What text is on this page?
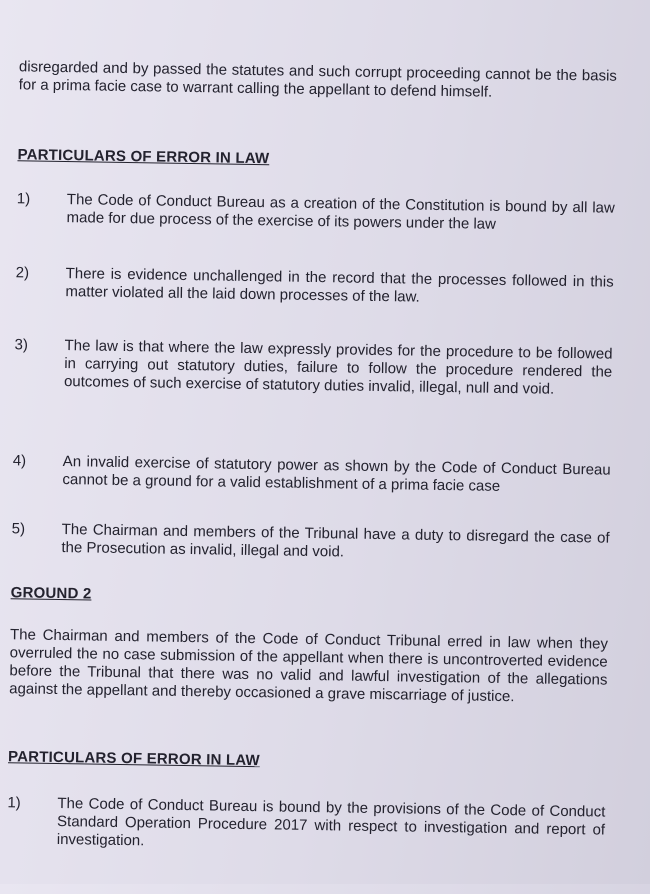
disregarded and by passed the statutes and such corrupt proceeding cannot be the basis for a prima facie case to warrant calling the appellant to defend himself.

PARTICULARS OF ERROR IN LAW

1)	The Code of Conduct Bureau as a creation of the Constitution is bound by all law made for due process of the exercise of its powers under the law
2)	There is evidence unchallenged in the record that the processes followed in this matter violated all the laid down processes of the law.
3)	The law is that where the law expressly provides for the procedure to be followed in carrying out statutory duties, failure to follow the procedure rendered the outcomes of such exercise of statutory duties invalid, illegal, null and void.
4)	An invalid exercise of statutory power as shown by the Code of Conduct Bureau cannot be a ground for a valid establishment of a prima facie case
5)	The Chairman and members of the Tribunal have a duty to disregard the case of the Prosecution as invalid, illegal and void.

GROUND 2

The Chairman and members of the Code of Conduct Tribunal erred in law when they overruled the no case submission of the appellant when there is uncontroverted evidence before the Tribunal that there was no valid and lawful investigation of the allegations against the appellant and thereby occasioned a grave miscarriage of justice.

PARTICULARS OF ERROR IN LAW

1)	The Code of Conduct Bureau is bound by the provisions of the Code of Conduct Standard Operation Procedure 2017 with respect to investigation and report of investigation.
